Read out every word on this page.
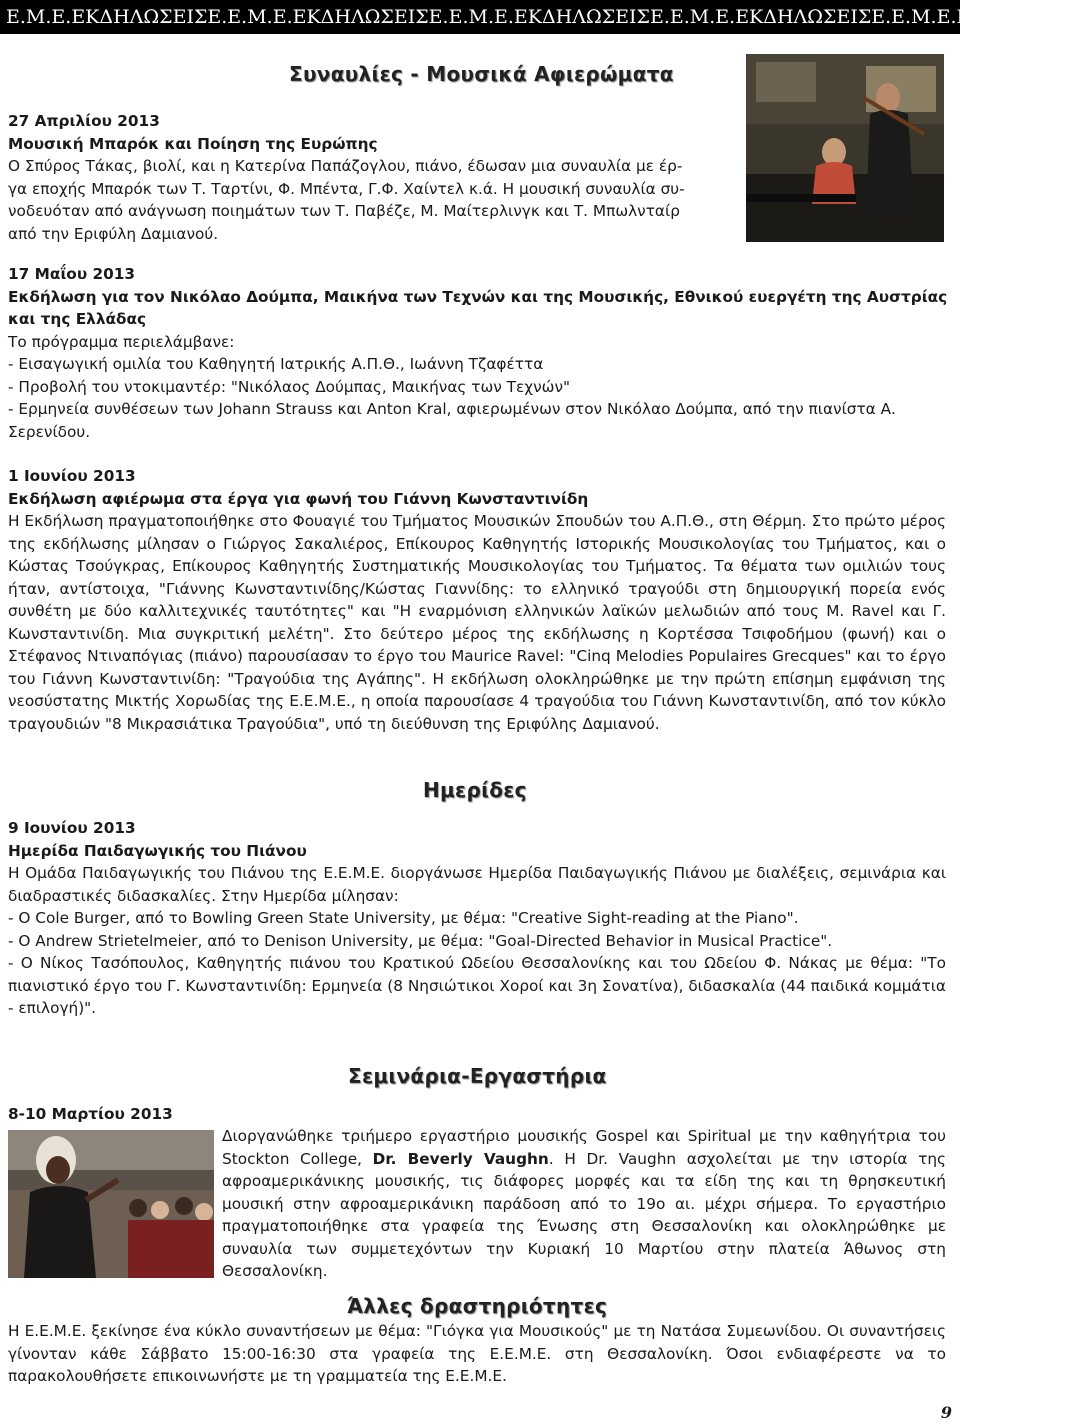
Ε.Μ.Ε.ΕΚΔΗΛΩΣΕΙΣΕ.Ε.Μ.Ε.ΕΚΔΗΛΩΣΕΙΣΕ.Ε.Μ.Ε.ΕΚΔΗΛΩΣΕΙΣΕ.Ε.Μ.Ε.ΕΚΔΗΛΩΣΕΙΣΕ.Ε.Μ.Ε.ΕΚΔΗΛΩΣΕ
Συναυλίες - Μουσικά Αφιερώματα
27 Απριλίου 2013
Μουσική Μπαρόκ και Ποίηση της Ευρώπης
Ο Σπύρος Τάκας, βιολί, και η Κατερίνα Παπάζογλου, πιάνο, έδωσαν μια συναυλία με έρ-
γα εποχής Μπαρόκ των Τ. Ταρτίνι, Φ. Μπέντα, Γ.Φ. Χαίντελ κ.ά. Η μουσική συναυλία συ-
νοδευόταν από ανάγνωση ποιημάτων των Τ. Παβέζε, Μ. Μαίτερλινγκ και Τ. Μπωλνταίρ
από την Εριφύλη Δαμιανού.
17 Μαΐου 2013
Εκδήλωση για τον Νικόλαο Δούμπα, Μαικήνα των Τεχνών και της Μουσικής, Εθνικού ευεργέτη της Αυστρίας και της Ελλάδας
Το πρόγραμμα περιελάμβανε:
- Εισαγωγική ομιλία του Καθηγητή Ιατρικής Α.Π.Θ., Ιωάννη Τζαφέττα
- Προβολή του ντοκιμαντέρ: "Νικόλαος Δούμπας, Μαικήνας των Τεχνών"
- Ερμηνεία συνθέσεων των Johann Strauss και Anton Kral, αφιερωμένων στον Νικόλαο Δούμπα, από την πιανίστα Α. Σερενίδου.
1 Ιουνίου 2013
Εκδήλωση αφιέρωμα στα έργα για φωνή του Γιάννη Κωνσταντινίδη

Η Εκδήλωση πραγματοποιήθηκε στο Φουαγιέ του Τμήματος Μουσικών Σπουδών του Α.Π.Θ., στη Θέρμη. Στο πρώτο μέρος της εκδήλωσης μίλησαν ο Γιώργος Σακαλιέρος, Επίκουρος Καθηγητής Ιστορικής Μουσικολογίας του Τμήματος, και ο Κώστας Τσούγκρας, Επίκουρος Καθηγητής Συστηματικής Μουσικολογίας του Τμήματος. Τα θέματα των ομιλιών τους ήταν, αντίστοιχα, "Γιάννης Κωνσταντινίδης/Κώστας Γιαννίδης: το ελληνικό τραγούδι στη δημιουργική πορεία ενός συνθέτη με δύο καλλιτεχνικές ταυτότητες" και "Η εναρμόνιση ελληνικών λαϊκών μελωδιών από τους M. Ravel και Γ. Κωνσταντινίδη. Μια συγκριτική μελέτη". Στο δεύτερο μέρος της εκδήλωσης η Κορτέσσα Τσιφοδήμου (φωνή) και ο Στέφανος Ντιναπόγιας (πιάνο) παρουσίασαν το έργο του Maurice Ravel: "Cinq Melodies Populaires Grecques" και το έργο του Γιάννη Κωνσταντινίδη: "Τραγούδια της Αγάπης". Η εκδήλωση ολοκληρώθηκε με την πρώτη επίσημη εμφάνιση της νεοσύστατης Μικτής Χορωδίας της Ε.Ε.Μ.Ε., η οποία παρουσίασε 4 τραγούδια του Γιάννη Κωνσταντινίδη, από τον κύκλο τραγουδιών "8 Μικρασιάτικα Τραγούδια", υπό τη διεύθυνση της Εριφύλης Δαμιανού.

Ημερίδες
9 Ιουνίου 2013
Ημερίδα Παιδαγωγικής του Πιάνου

Η Ομάδα Παιδαγωγικής του Πιάνου της Ε.Ε.Μ.Ε. διοργάνωσε Ημερίδα Παιδαγωγικής Πιάνου με διαλέξεις, σεμινάρια και διαδραστικές διδασκαλίες. Στην Ημερίδα μίλησαν:

- Ο Cole Burger, από το Bowling Green State University, με θέμα: "Creative Sight-reading at the Piano".
- Ο Andrew Strietelmeier, από το Denison University, με θέμα: "Goal-Directed Behavior in Musical Practice".

- Ο Νίκος Τασόπουλος, Καθηγητής πιάνου του Κρατικού Ωδείου Θεσσαλονίκης και του Ωδείου Φ. Νάκας με θέμα: "Το πιανιστικό έργο του Γ. Κωνσταντινίδη: Ερμηνεία (8 Νησιώτικοι Χοροί και 3η Σονατίνα), διδασκαλία (44 παιδικά κομμάτια - επιλογή)".

Σεμινάρια-Εργαστήρια
8-10 Μαρτίου 2013

Διοργανώθηκε τριήμερο εργαστήριο μουσικής Gospel και Spiritual με την καθηγήτρια του Stockton College, Dr. Beverly Vaughn. H Dr. Vaughn ασχολείται με την ιστορία της αφροαμερικάνικης μουσικής, τις διάφορες μορφές και τα είδη της και τη θρησκευτική μουσική στην αφροαμερικάνικη παράδοση από το 19ο αι. μέχρι σήμερα. Το εργαστήριο πραγματοποιήθηκε στα γραφεία της Ένωσης στη Θεσσαλονίκη και ολοκληρώθηκε με συναυλία των συμμετεχόντων την Κυριακή 10 Μαρτίου στην πλατεία Άθωνος στη Θεσσαλονίκη.

Άλλες δραστηριότητες

Η Ε.Ε.Μ.Ε. ξεκίνησε ένα κύκλο συναντήσεων με θέμα: "Γιόγκα για Μουσικούς" με τη Νατάσα Συμεωνίδου. Οι συναντήσεις γίνονταν κάθε Σάββατο 15:00-16:30 στα γραφεία της Ε.Ε.Μ.Ε. στη Θεσσαλονίκη. Όσοι ενδιαφέρεστε να το παρακολουθήσετε επικοινωνήστε με τη γραμματεία της Ε.Ε.Μ.Ε.

9
